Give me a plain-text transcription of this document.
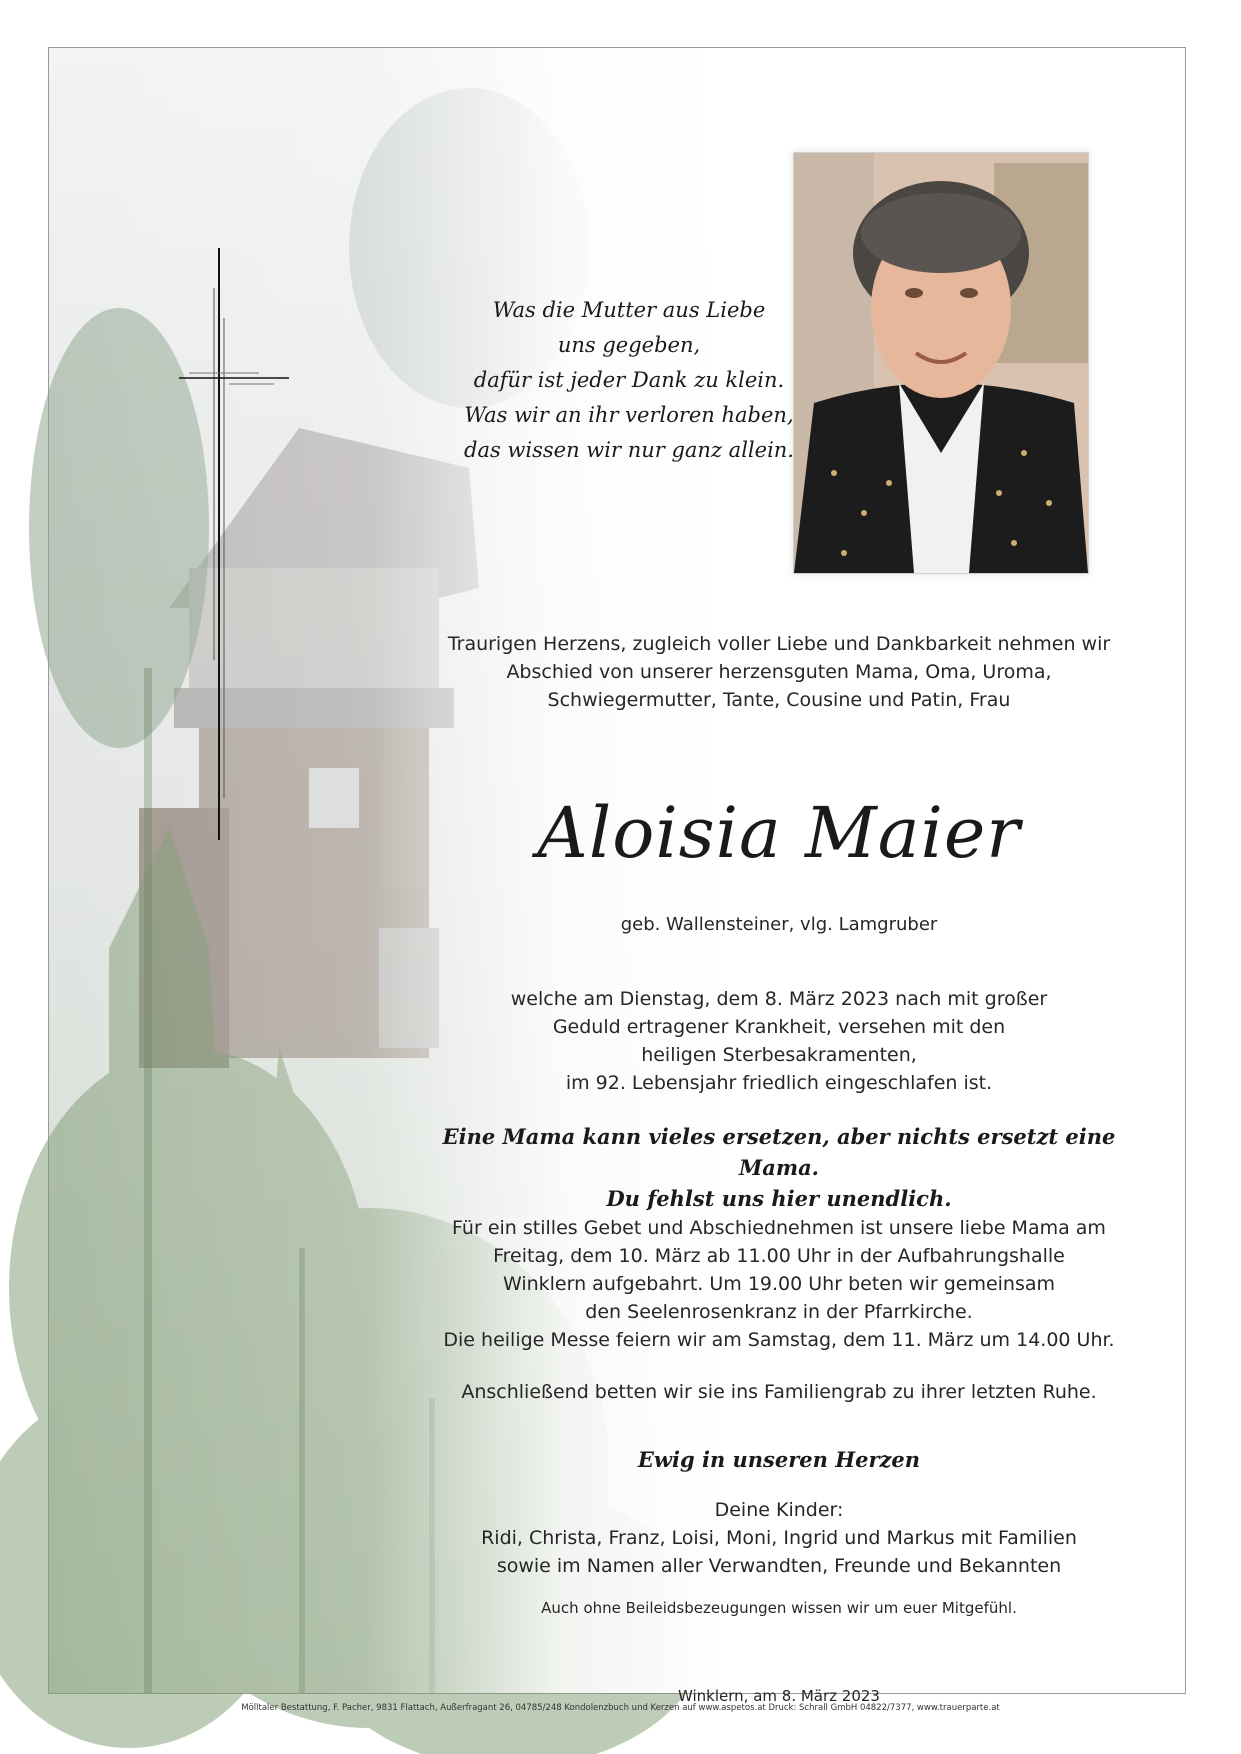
Was die Mutter aus Liebe
uns gegeben,
dafür ist jeder Dank zu klein.
Was wir an ihr verloren haben,
das wissen wir nur ganz allein.
Traurigen Herzens, zugleich voller Liebe und Dankbarkeit nehmen wir
Abschied von unserer herzensguten Mama, Oma, Uroma,
Schwiegermutter, Tante, Cousine und Patin, Frau
Aloisia Maier
geb. Wallensteiner, vlg. Lamgruber
welche am Dienstag, dem 8. März 2023 nach mit großer
Geduld ertragener Krankheit, versehen mit den
heiligen Sterbesakramenten,
im 92. Lebensjahr friedlich eingeschlafen ist.
Eine Mama kann vieles ersetzen, aber nichts ersetzt eine Mama.
Du fehlst uns hier unendlich.
Für ein stilles Gebet und Abschiednehmen ist unsere liebe Mama am
Freitag, dem 10. März ab 11.00 Uhr in der Aufbahrungshalle
Winklern aufgebahrt. Um 19.00 Uhr beten wir gemeinsam
den Seelenrosenkranz in der Pfarrkirche.
Die heilige Messe feiern wir am Samstag, dem 11. März um 14.00 Uhr.
Anschließend betten wir sie ins Familiengrab zu ihrer letzten Ruhe.
Ewig in unseren Herzen
Deine Kinder:
Ridi, Christa, Franz, Loisi, Moni, Ingrid und Markus mit Familien
sowie im Namen aller Verwandten, Freunde und Bekannten
Auch ohne Beileidsbezeugungen wissen wir um euer Mitgefühl.
Winklern, am 8. März 2023
Mölltaler Bestattung, F. Pacher, 9831 Flattach, Außerfragant 26, 04785/248 Kondolenzbuch und Kerzen auf www.aspetos.at Druck: Schrall GmbH 04822/7377, www.trauerparte.at
